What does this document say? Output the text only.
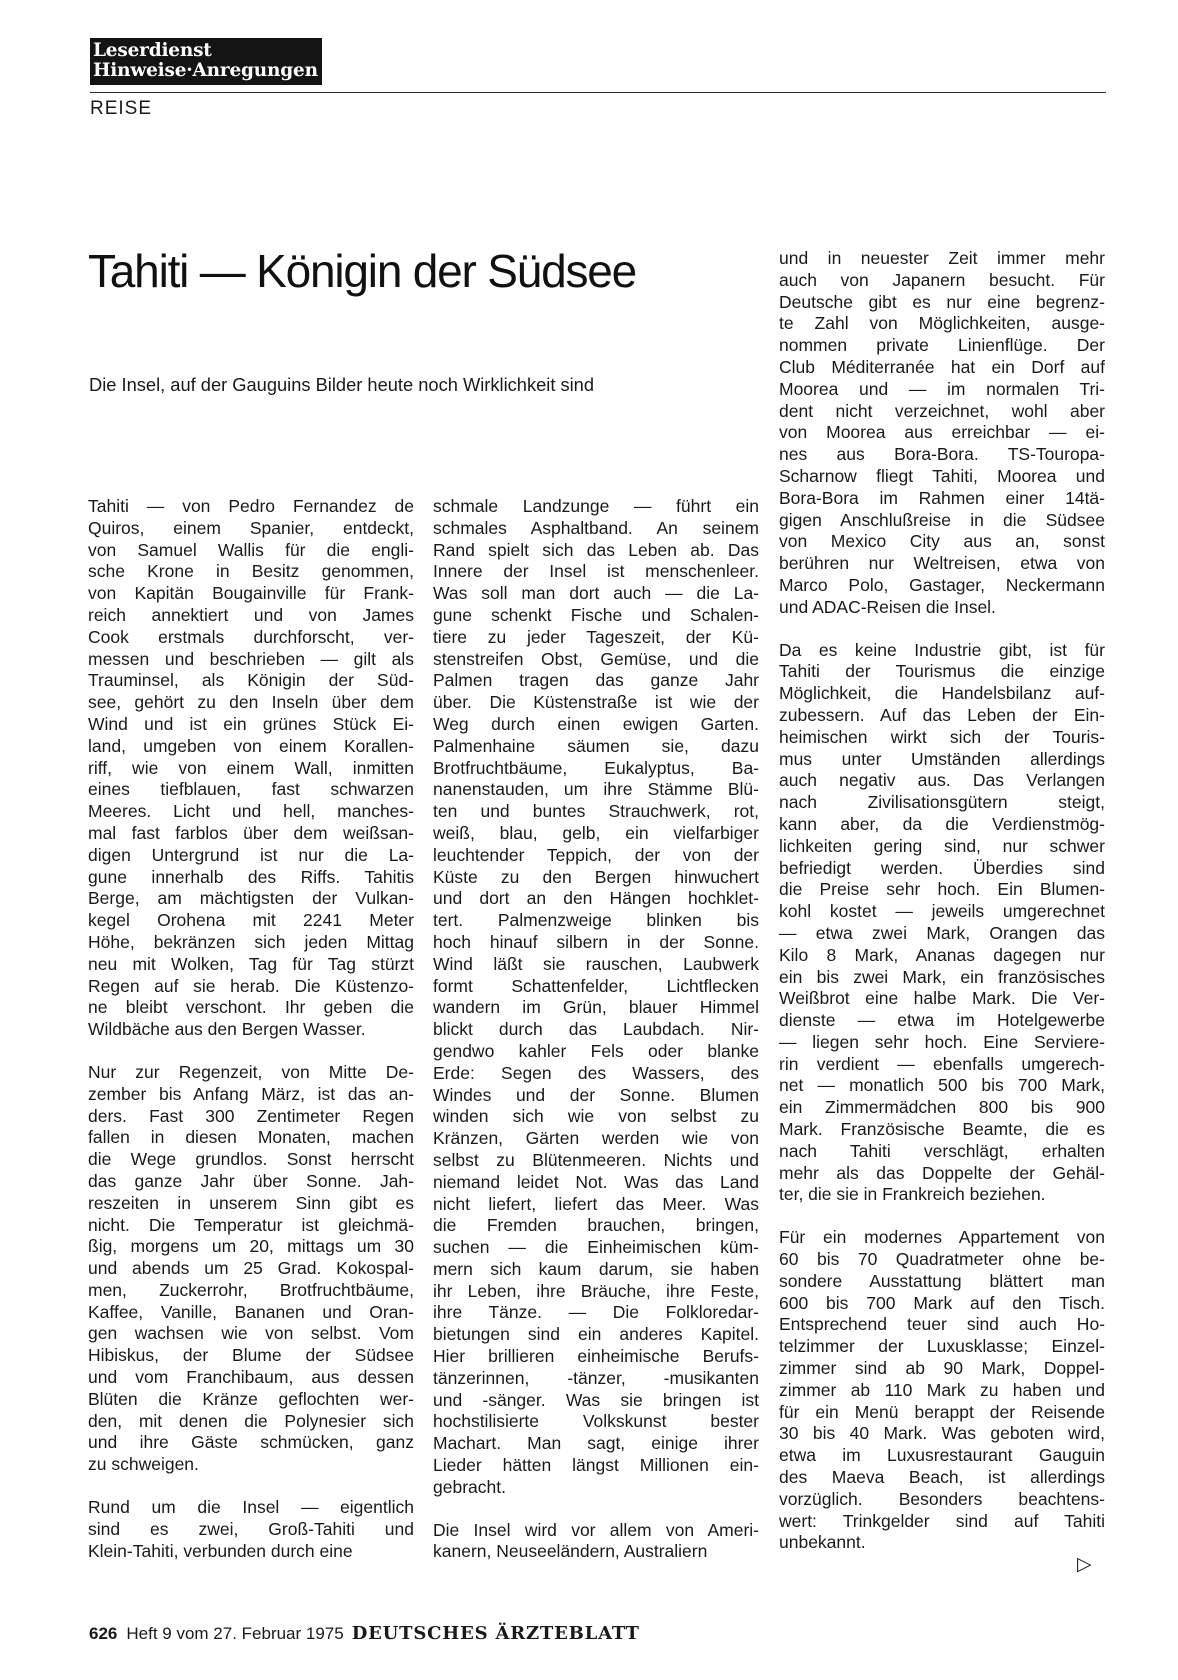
Leserdienst
Hinweise·Anregungen
REISE
Tahiti — Königin der Südsee
Die Insel, auf der Gauguins Bilder heute noch Wirklichkeit sind

Tahiti — von Pedro Fernandez de
Quiros, einem Spanier, entdeckt,
von Samuel Wallis für die engli-
sche Krone in Besitz genommen,
von Kapitän Bougainville für Frank-
reich annektiert und von James
Cook erstmals durchforscht, ver-
messen und beschrieben — gilt als
Trauminsel, als Königin der Süd-
see, gehört zu den Inseln über dem
Wind und ist ein grünes Stück Ei-
land, umgeben von einem Korallen-
riff, wie von einem Wall, inmitten
eines tiefblauen, fast schwarzen
Meeres. Licht und hell, manches-
mal fast farblos über dem weißsan-
digen Untergrund ist nur die La-
gune innerhalb des Riffs. Tahitis
Berge, am mächtigsten der Vulkan-
kegel Orohena mit 2241 Meter
Höhe, bekränzen sich jeden Mittag
neu mit Wolken, Tag für Tag stürzt
Regen auf sie herab. Die Küstenzo-
ne bleibt verschont. Ihr geben die
Wildbäche aus den Bergen Wasser.

Nur zur Regenzeit, von Mitte De-
zember bis Anfang März, ist das an-
ders. Fast 300 Zentimeter Regen
fallen in diesen Monaten, machen
die Wege grundlos. Sonst herrscht
das ganze Jahr über Sonne. Jah-
reszeiten in unserem Sinn gibt es
nicht. Die Temperatur ist gleichmä-
ßig, morgens um 20, mittags um 30
und abends um 25 Grad. Kokospal-
men, Zuckerrohr, Brotfruchtbäume,
Kaffee, Vanille, Bananen und Oran-
gen wachsen wie von selbst. Vom
Hibiskus, der Blume der Südsee
und vom Franchibaum, aus dessen
Blüten die Kränze geflochten wer-
den, mit denen die Polynesier sich
und ihre Gäste schmücken, ganz
zu schweigen.

Rund um die Insel — eigentlich
sind es zwei, Groß-Tahiti und
Klein-Tahiti, verbunden durch eine

schmale Landzunge — führt ein
schmales Asphaltband. An seinem
Rand spielt sich das Leben ab. Das
Innere der Insel ist menschenleer.
Was soll man dort auch — die La-
gune schenkt Fische und Schalen-
tiere zu jeder Tageszeit, der Kü-
stenstreifen Obst, Gemüse, und die
Palmen tragen das ganze Jahr
über. Die Küstenstraße ist wie der
Weg durch einen ewigen Garten.
Palmenhaine säumen sie, dazu
Brotfruchtbäume, Eukalyptus, Ba-
nanenstauden, um ihre Stämme Blü-
ten und buntes Strauchwerk, rot,
weiß, blau, gelb, ein vielfarbiger
leuchtender Teppich, der von der
Küste zu den Bergen hinwuchert
und dort an den Hängen hochklet-
tert. Palmenzweige blinken bis
hoch hinauf silbern in der Sonne.
Wind läßt sie rauschen, Laubwerk
formt Schattenfelder, Lichtflecken
wandern im Grün, blauer Himmel
blickt durch das Laubdach. Nir-
gendwo kahler Fels oder blanke
Erde: Segen des Wassers, des
Windes und der Sonne. Blumen
winden sich wie von selbst zu
Kränzen, Gärten werden wie von
selbst zu Blütenmeeren. Nichts und
niemand leidet Not. Was das Land
nicht liefert, liefert das Meer. Was
die Fremden brauchen, bringen,
suchen — die Einheimischen küm-
mern sich kaum darum, sie haben
ihr Leben, ihre Bräuche, ihre Feste,
ihre Tänze. — Die Folkloredar-
bietungen sind ein anderes Kapitel.
Hier brillieren einheimische Berufs-
tänzerinnen, -tänzer, -musikanten
und -sänger. Was sie bringen ist
hochstilisierte Volkskunst bester
Machart. Man sagt, einige ihrer
Lieder hätten längst Millionen ein-
gebracht.

Die Insel wird vor allem von Ameri-
kanern, Neuseeländern, Australiern

und in neuester Zeit immer mehr
auch von Japanern besucht. Für
Deutsche gibt es nur eine begrenz-
te Zahl von Möglichkeiten, ausge-
nommen private Linienflüge. Der
Club Méditerranée hat ein Dorf auf
Moorea und — im normalen Tri-
dent nicht verzeichnet, wohl aber
von Moorea aus erreichbar — ei-
nes aus Bora-Bora. TS-Touropa-
Scharnow fliegt Tahiti, Moorea und
Bora-Bora im Rahmen einer 14tä-
gigen Anschlußreise in die Südsee
von Mexico City aus an, sonst
berühren nur Weltreisen, etwa von
Marco Polo, Gastager, Neckermann
und ADAC-Reisen die Insel.

Da es keine Industrie gibt, ist für
Tahiti der Tourismus die einzige
Möglichkeit, die Handelsbilanz auf-
zubessern. Auf das Leben der Ein-
heimischen wirkt sich der Touris-
mus unter Umständen allerdings
auch negativ aus. Das Verlangen
nach Zivilisationsgütern steigt,
kann aber, da die Verdienstmög-
lichkeiten gering sind, nur schwer
befriedigt werden. Überdies sind
die Preise sehr hoch. Ein Blumen-
kohl kostet — jeweils umgerechnet
— etwa zwei Mark, Orangen das
Kilo 8 Mark, Ananas dagegen nur
ein bis zwei Mark, ein französisches
Weißbrot eine halbe Mark. Die Ver-
dienste — etwa im Hotelgewerbe
— liegen sehr hoch. Eine Serviere-
rin verdient — ebenfalls umgerech-
net — monatlich 500 bis 700 Mark,
ein Zimmermädchen 800 bis 900
Mark. Französische Beamte, die es
nach Tahiti verschlägt, erhalten
mehr als das Doppelte der Gehäl-
ter, die sie in Frankreich beziehen.

Für ein modernes Appartement von
60 bis 70 Quadratmeter ohne be-
sondere Ausstattung blättert man
600 bis 700 Mark auf den Tisch.
Entsprechend teuer sind auch Ho-
telzimmer der Luxusklasse; Einzel-
zimmer sind ab 90 Mark, Doppel-
zimmer ab 110 Mark zu haben und
für ein Menü berappt der Reisende
30 bis 40 Mark. Was geboten wird,
etwa im Luxusrestaurant Gauguin
des Maeva Beach, ist allerdings
vorzüglich. Besonders beachtens-
wert: Trinkgelder sind auf Tahiti
unbekannt.

▷
626 Heft 9 vom 27. Februar 1975 DEUTSCHES ÄRZTEBLATT
